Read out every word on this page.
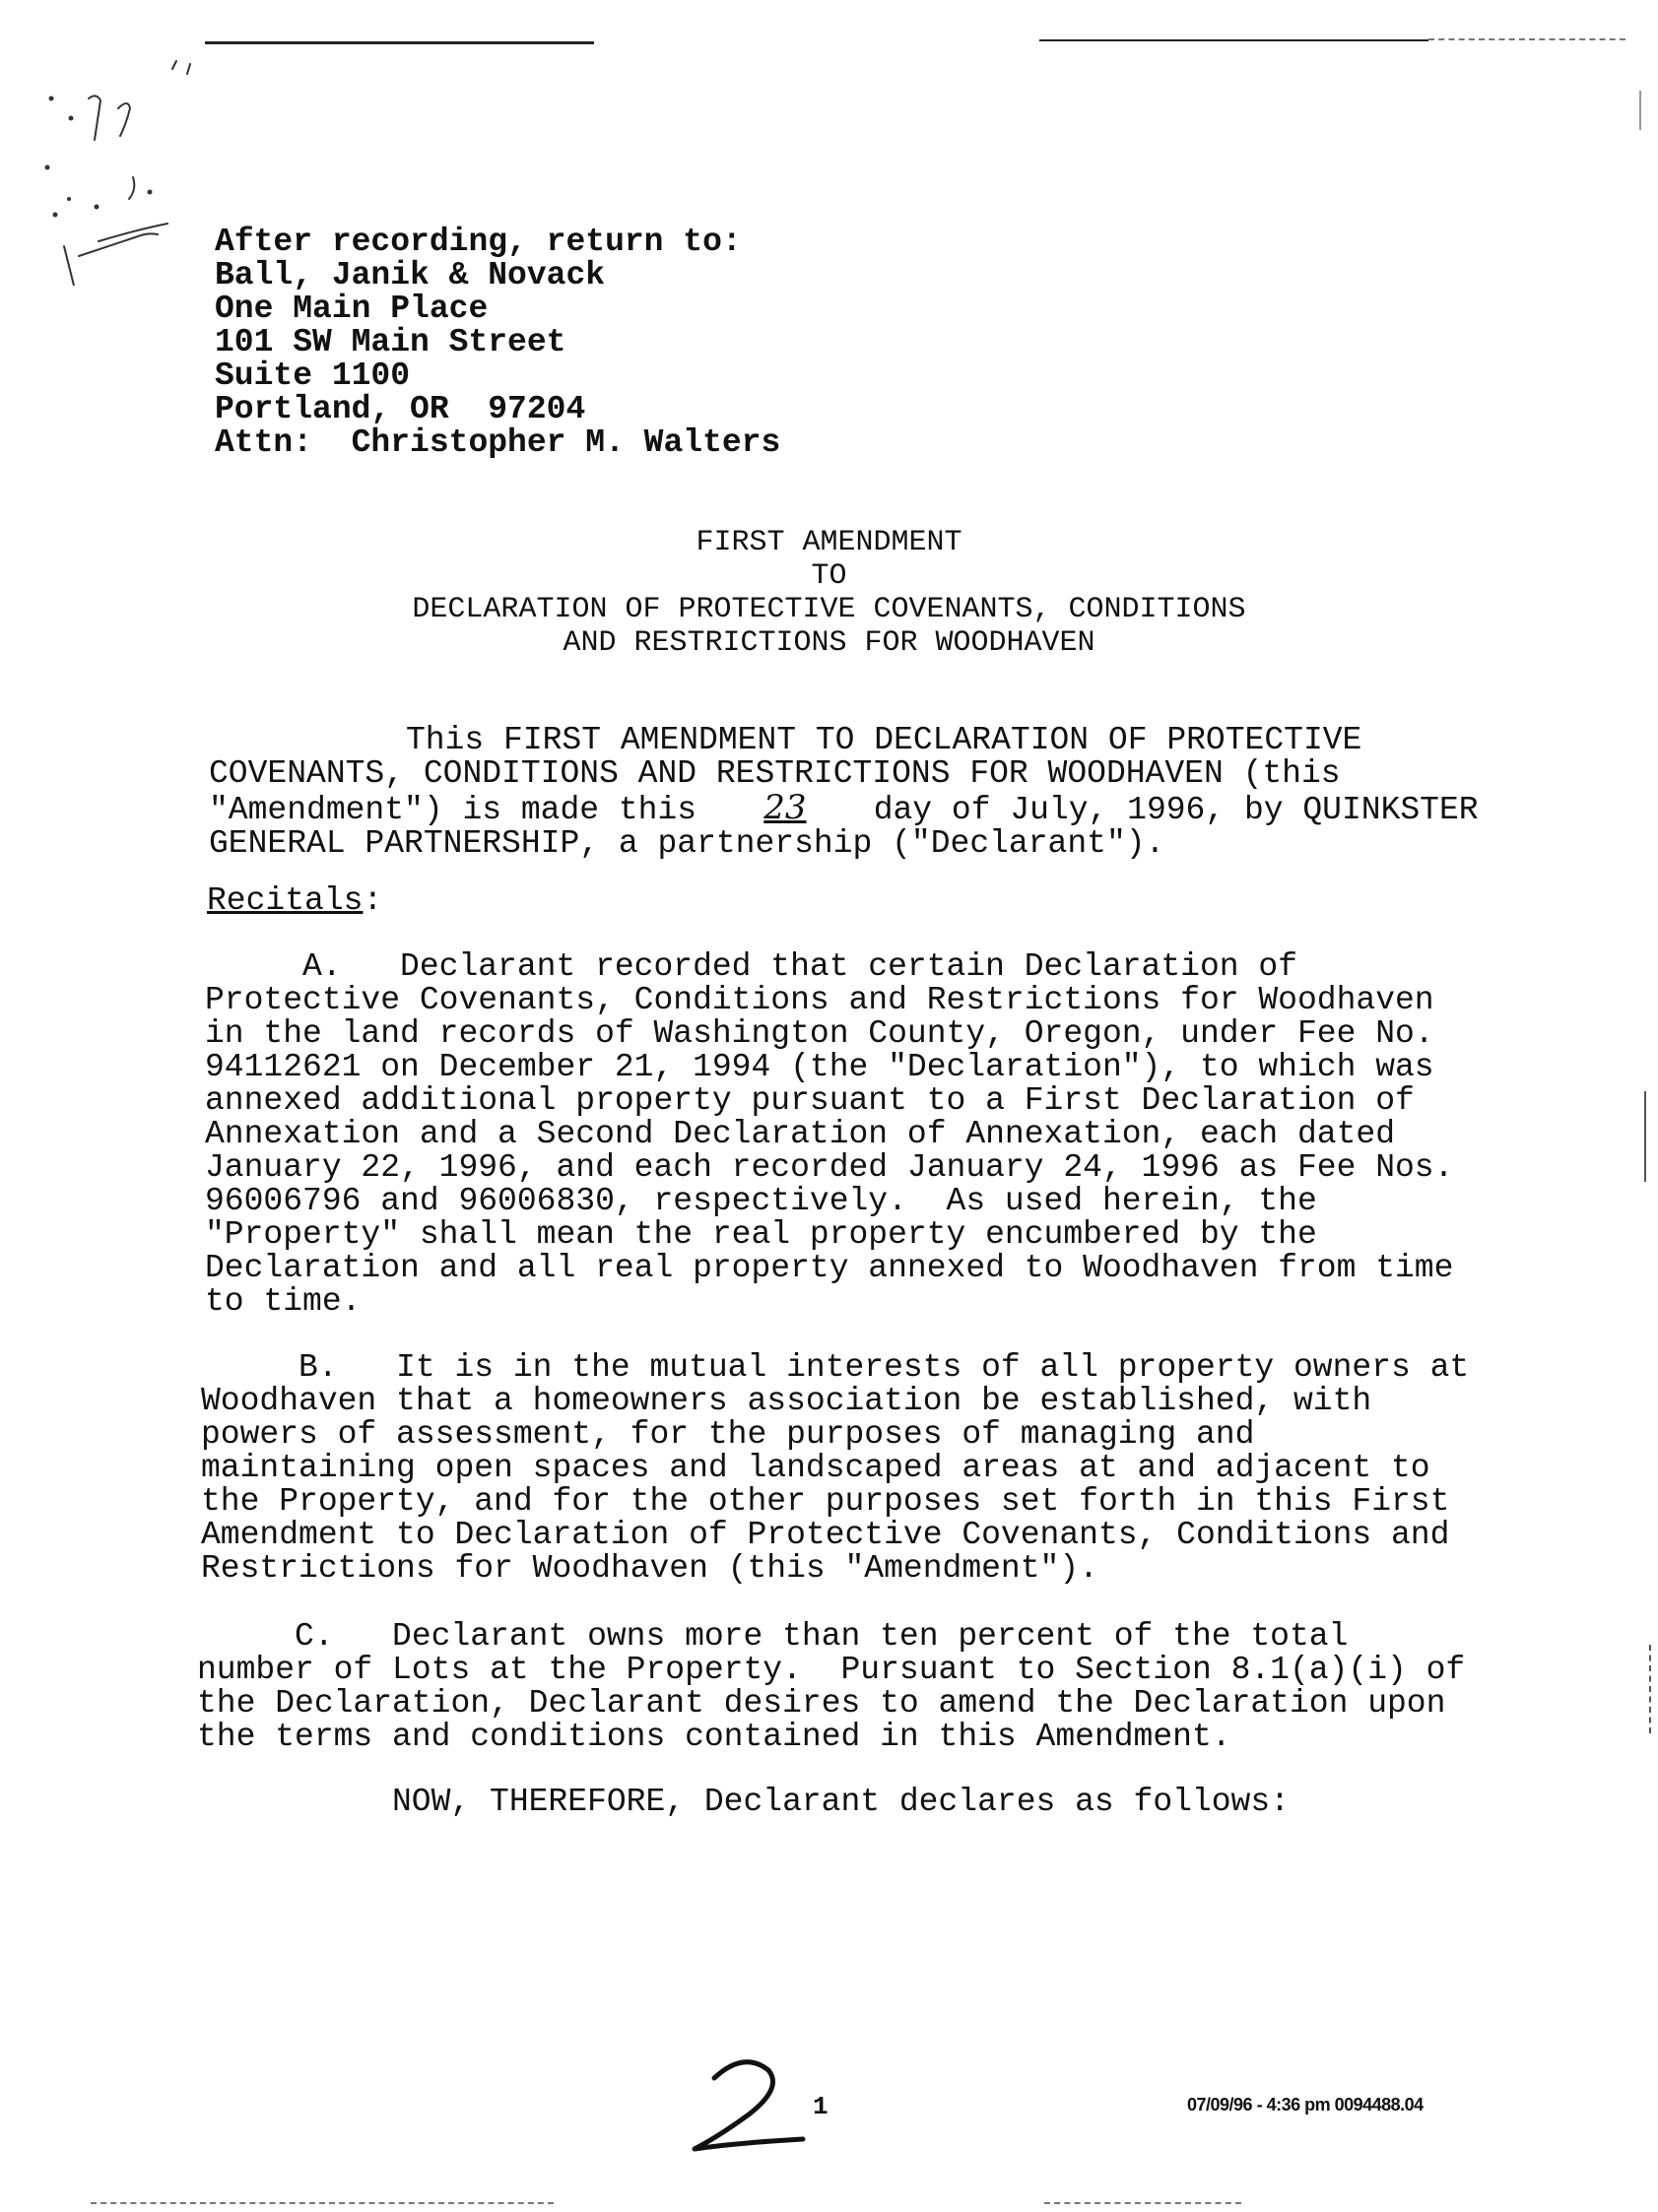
After recording, return to:
Ball, Janik & Novack
One Main Place
101 SW Main Street
Suite 1100
Portland, OR  97204
Attn:  Christopher M. Walters
FIRST AMENDMENT
TO
DECLARATION OF PROTECTIVE COVENANTS, CONDITIONS
AND RESTRICTIONS FOR WOODHAVEN
This FIRST AMENDMENT TO DECLARATION OF PROTECTIVE
COVENANTS, CONDITIONS AND RESTRICTIONS FOR WOODHAVEN (this
"Amendment") is made this 23 day of July, 1996, by QUINKSTER
GENERAL PARTNERSHIP, a partnership ("Declarant").
Recitals:
A.   Declarant recorded that certain Declaration of
Protective Covenants, Conditions and Restrictions for Woodhaven
in the land records of Washington County, Oregon, under Fee No.
94112621 on December 21, 1994 (the "Declaration"), to which was
annexed additional property pursuant to a First Declaration of
Annexation and a Second Declaration of Annexation, each dated
January 22, 1996, and each recorded January 24, 1996 as Fee Nos.
96006796 and 96006830, respectively.  As used herein, the
"Property" shall mean the real property encumbered by the
Declaration and all real property annexed to Woodhaven from time
to time.
B.   It is in the mutual interests of all property owners at
Woodhaven that a homeowners association be established, with
powers of assessment, for the purposes of managing and
maintaining open spaces and landscaped areas at and adjacent to
the Property, and for the other purposes set forth in this First
Amendment to Declaration of Protective Covenants, Conditions and
Restrictions for Woodhaven (this "Amendment").
C.   Declarant owns more than ten percent of the total
number of Lots at the Property.  Pursuant to Section 8.1(a)(i) of
the Declaration, Declarant desires to amend the Declaration upon
the terms and conditions contained in this Amendment.
NOW, THEREFORE, Declarant declares as follows:
1	07/09/96 - 4:36 pm 0094488.04
